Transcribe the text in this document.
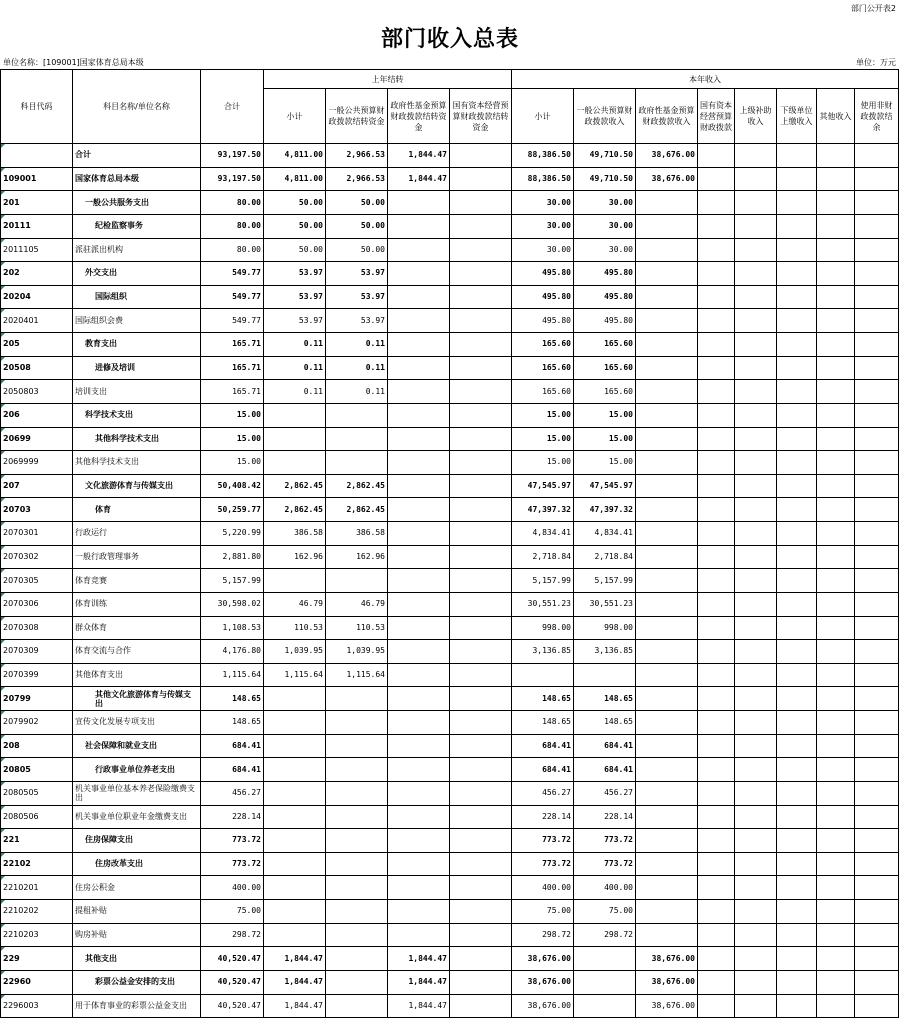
部门公开表2
部门收入总表
单位名称：[109001]国家体育总局本级	单位：万元
科目代码	科目名称/单位名称	合计	上年结转				本年收入							
			小计	一般公共预算财政拨款结转资金	政府性基金预算财政拨款结转资金	国有资本经营预算财政拨款结转资金	小计	一般公共预算财政拨款收入	政府性基金预算财政拨款收入	国有资本经营预算财政拨款	上级补助收入	下级单位上缴收入	其他收入	使用非财政拨款结余
	合计	93,197.50	4,811.00	2,966.53	1,844.47		88,386.50	49,710.50	38,676.00					
109001	国家体育总局本级	93,197.50	4,811.00	2,966.53	1,844.47		88,386.50	49,710.50	38,676.00					
201	一般公共服务支出	80.00	50.00	50.00			30.00	30.00						
20111	纪检监察事务	80.00	50.00	50.00			30.00	30.00						
2011105	派驻派出机构	80.00	50.00	50.00			30.00	30.00						
202	外交支出	549.77	53.97	53.97			495.80	495.80						
20204	国际组织	549.77	53.97	53.97			495.80	495.80						
2020401	国际组织会费	549.77	53.97	53.97			495.80	495.80						
205	教育支出	165.71	0.11	0.11			165.60	165.60						
20508	进修及培训	165.71	0.11	0.11			165.60	165.60						
2050803	培训支出	165.71	0.11	0.11			165.60	165.60						
206	科学技术支出	15.00					15.00	15.00						
20699	其他科学技术支出	15.00					15.00	15.00						
2069999	其他科学技术支出	15.00					15.00	15.00						
207	文化旅游体育与传媒支出	50,408.42	2,862.45	2,862.45			47,545.97	47,545.97						
20703	体育	50,259.77	2,862.45	2,862.45			47,397.32	47,397.32						
2070301	行政运行	5,220.99	386.58	386.58			4,834.41	4,834.41						
2070302	一般行政管理事务	2,881.80	162.96	162.96			2,718.84	2,718.84						
2070305	体育竞赛	5,157.99					5,157.99	5,157.99						
2070306	体育训练	30,598.02	46.79	46.79			30,551.23	30,551.23						
2070308	群众体育	1,108.53	110.53	110.53			998.00	998.00						
2070309	体育交流与合作	4,176.80	1,039.95	1,039.95			3,136.85	3,136.85						
2070399	其他体育支出	1,115.64	1,115.64	1,115.64										
20799	其他文化旅游体育与传媒支出	148.65					148.65	148.65						
2079902	宣传文化发展专项支出	148.65					148.65	148.65						
208	社会保障和就业支出	684.41					684.41	684.41						
20805	行政事业单位养老支出	684.41					684.41	684.41						
2080505	机关事业单位基本养老保险缴费支出	456.27					456.27	456.27						
2080506	机关事业单位职业年金缴费支出	228.14					228.14	228.14						
221	住房保障支出	773.72					773.72	773.72						
22102	住房改革支出	773.72					773.72	773.72						
2210201	住房公积金	400.00					400.00	400.00						
2210202	提租补贴	75.00					75.00	75.00						
2210203	购房补贴	298.72					298.72	298.72						
229	其他支出	40,520.47	1,844.47		1,844.47		38,676.00		38,676.00					
22960	彩票公益金安排的支出	40,520.47	1,844.47		1,844.47		38,676.00		38,676.00					
2296003	用于体育事业的彩票公益金支出	40,520.47	1,844.47		1,844.47		38,676.00		38,676.00					
